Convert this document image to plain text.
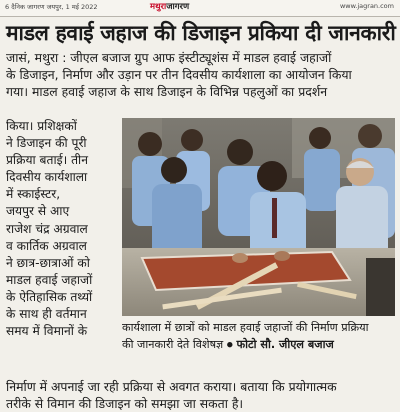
6 दैनिक जागरण जयपुर, 1 मई 2022	मथुराजागरण	www.jagran.com
माडल हवाई जहाज की डिजाइन प्रकिया दी जानकारी
जासं, मथुरा : जीएल बजाज ग्रुप आफ इंस्टीट्यूशंस में माडल हवाई जहाजों
के डिजाइन, निर्माण और उड़ान पर तीन दिवसीय कार्यशाला का आयोजन किया
गया। माडल हवाई जहाज के साथ डिजाइन के विभिन्न पहलुओं का प्रदर्शन
किया। प्रशिक्षकों
ने डिजाइन की पूरी
प्रक्रिया बताई। तीन
दिवसीय कार्यशाला
में स्काईस्टर,
जयपुर से आए
राजेश चंद्र अग्रवाल
व कार्तिक अग्रवाल
ने छात्र-छात्राओं को
माडल हवाई जहाजों
के ऐतिहासिक तथ्यों
के साथ ही वर्तमान
समय में विमानों के	कार्यशाला में छात्रों को माडल हवाई जहाजों की निर्माण प्रक्रिया
की जानकारी देते विशेषज्ञ ● फोटो सौ. जीएल बजाज
निर्माण में अपनाई जा रही प्रक्रिया से अवगत कराया। बताया कि प्रयोगात्मक
तरीके से विमान की डिजाइन को समझा जा सकता है।
